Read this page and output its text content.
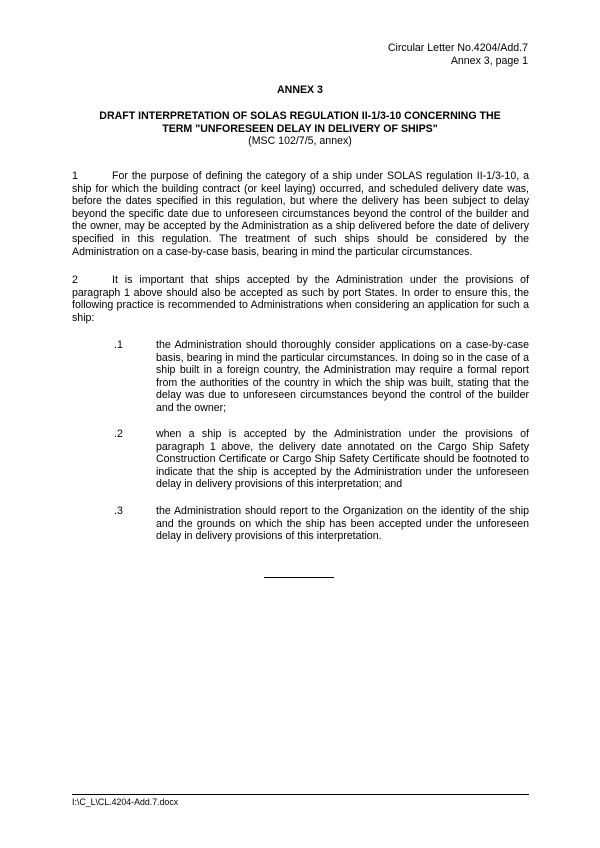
Circular Letter No.4204/Add.7
Annex 3, page 1
ANNEX 3
DRAFT INTERPRETATION OF SOLAS REGULATION II-1/3-10 CONCERNING THE
TERM "UNFORESEEN DELAY IN DELIVERY OF SHIPS"
(MSC 102/7/5, annex)
1	For the purpose of defining the category of a ship under SOLAS regulation II-1/3-10, a ship for which the building contract (or keel laying) occurred, and scheduled delivery date was, before the dates specified in this regulation, but where the delivery has been subject to delay beyond the specific date due to unforeseen circumstances beyond the control of the builder and the owner, may be accepted by the Administration as a ship delivered before the date of delivery specified in this regulation. The treatment of such ships should be considered by the Administration on a case-by-case basis, bearing in mind the particular circumstances.
2	It is important that ships accepted by the Administration under the provisions of paragraph 1 above should also be accepted as such by port States. In order to ensure this, the following practice is recommended to Administrations when considering an application for such a ship:
.1	the Administration should thoroughly consider applications on a case-by-case basis, bearing in mind the particular circumstances. In doing so in the case of a ship built in a foreign country, the Administration may require a formal report from the authorities of the country in which the ship was built, stating that the delay was due to unforeseen circumstances beyond the control of the builder and the owner;
.2	when a ship is accepted by the Administration under the provisions of paragraph 1 above, the delivery date annotated on the Cargo Ship Safety Construction Certificate or Cargo Ship Safety Certificate should be footnoted to indicate that the ship is accepted by the Administration under the unforeseen delay in delivery provisions of this interpretation; and
.3	the Administration should report to the Organization on the identity of the ship and the grounds on which the ship has been accepted under the unforeseen delay in delivery provisions of this interpretation.
I:\C_L\CL.4204-Add.7.docx
